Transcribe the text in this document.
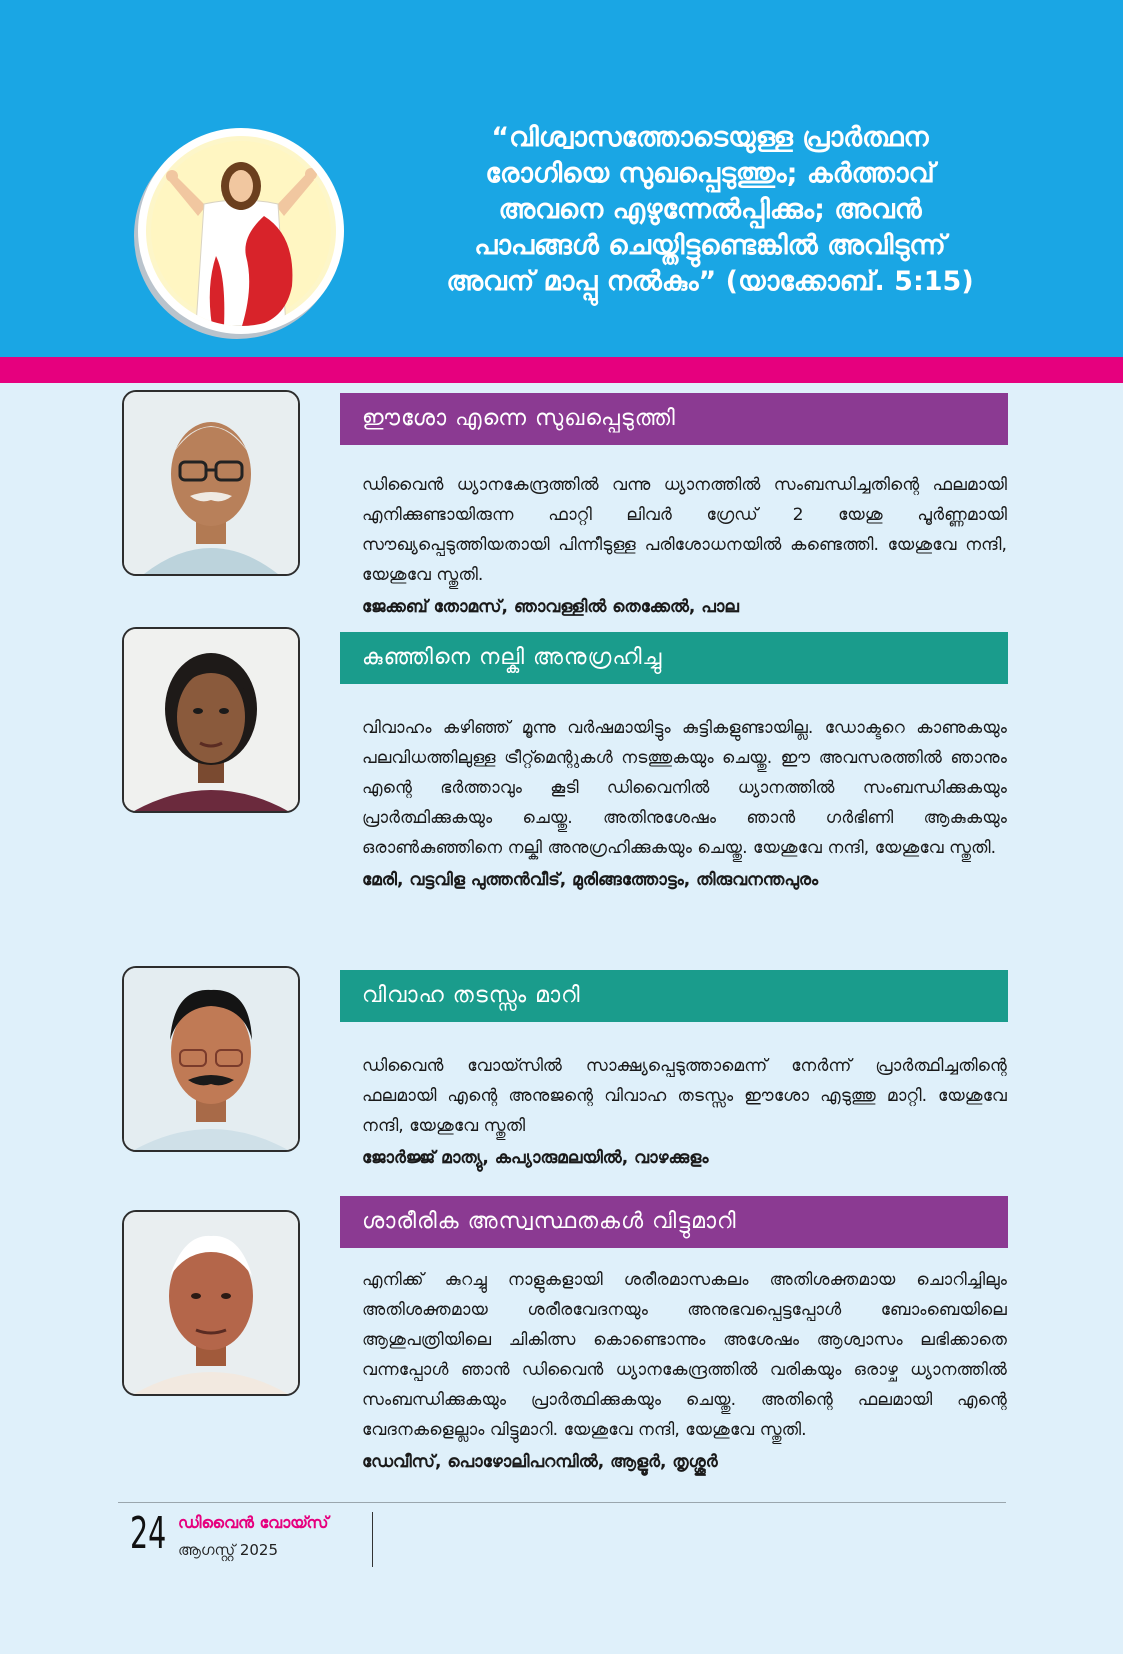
“വിശ്വാസത്തോടെയുള്ള പ്രാർത്ഥന
രോഗിയെ സുഖപ്പെടുത്തും; കർത്താവ്
അവനെ എഴുന്നേൽപ്പിക്കും; അവൻ
പാപങ്ങൾ ചെയ്തിട്ടുണ്ടെങ്കിൽ അവിടുന്ന്
അവന് മാപ്പു നൽകും” (യാക്കോബ്. 5:15)
ഈശോ എന്നെ സുഖപ്പെടുത്തി

ഡിവൈൻ ധ്യാനകേന്ദ്രത്തിൽ വന്നു ധ്യാനത്തിൽ സംബന്ധിച്ചതിന്റെ ഫലമായി എനിക്കുണ്ടായിരുന്ന ഫാറ്റി ലിവർ ഗ്രേഡ് 2 യേശു പൂർണ്ണമായി സൗഖ്യപ്പെടുത്തിയതായി പിന്നീടുള്ള പരിശോധനയിൽ കണ്ടെത്തി. യേശുവേ നന്ദി, യേശുവേ സ്തുതി.

ജേക്കബ് തോമസ്, ഞാവള്ളിൽ തെക്കേൽ, പാല

കുഞ്ഞിനെ നല്കി അനുഗ്രഹിച്ചു

വിവാഹം കഴിഞ്ഞ് മൂന്നു വർഷമായിട്ടും കുട്ടികളുണ്ടായില്ല. ഡോക്ടറെ കാണുകയും പലവിധത്തിലുള്ള ട്രീറ്റ്മെന്റുകൾ നടത്തുകയും ചെയ്തു. ഈ അവസരത്തിൽ ഞാനും എന്റെ ഭർത്താവും കൂടി ഡിവൈനിൽ ധ്യാനത്തിൽ സംബന്ധിക്കുകയും പ്രാർത്ഥിക്കുകയും ചെയ്തു. അതിനുശേഷം ഞാൻ ഗർഭിണി ആകുകയും ഒരാൺകുഞ്ഞിനെ നല്കി അനുഗ്രഹിക്കുകയും ചെയ്തു. യേശുവേ നന്ദി, യേശുവേ സ്തുതി.

മേരി, വട്ടവിള പുത്തൻവീട്, മുരിങ്ങത്തോട്ടം, തിരുവനന്തപുരം

വിവാഹ തടസ്സം മാറി

ഡിവൈൻ വോയ്സിൽ സാക്ഷ്യപ്പെടുത്താമെന്ന് നേർന്ന് പ്രാർത്ഥിച്ചതിന്റെ ഫലമായി എന്റെ അനുജന്റെ വിവാഹ തടസ്സം ഈശോ എടുത്തു മാറ്റി. യേശുവേ നന്ദി, യേശുവേ സ്തുതി

ജോർജ്ജ് മാത്യു, കപ്യാരുമലയിൽ, വാഴക്കുളം

ശാരീരിക അസ്വസ്ഥതകൾ വിട്ടുമാറി

എനിക്ക് കുറച്ചു നാളുകളായി ശരീരമാസകലം അതിശക്തമായ ചൊറിച്ചിലും അതിശക്തമായ ശരീരവേദനയും അനുഭവപ്പെട്ടപ്പോൾ ബോംബെയിലെ ആശുപത്രിയിലെ ചികിത്സ കൊണ്ടൊന്നും അശേഷം ആശ്വാസം ലഭിക്കാതെ വന്നപ്പോൾ ഞാൻ ഡിവൈൻ ധ്യാനകേന്ദ്രത്തിൽ വരികയും ഒരാഴ്ച ധ്യാനത്തിൽ സംബന്ധിക്കുകയും പ്രാർത്ഥിക്കുകയും ചെയ്തു. അതിന്റെ ഫലമായി എന്റെ വേദനകളെല്ലാം വിട്ടുമാറി. യേശുവേ നന്ദി, യേശുവേ സ്തുതി.

ഡേവീസ്, പൊഴോലിപറമ്പിൽ, ആളൂർ, തൃശ്ശൂർ

24 ഡിവൈൻ വോയ്സ്
ആഗസ്റ്റ് 2025
